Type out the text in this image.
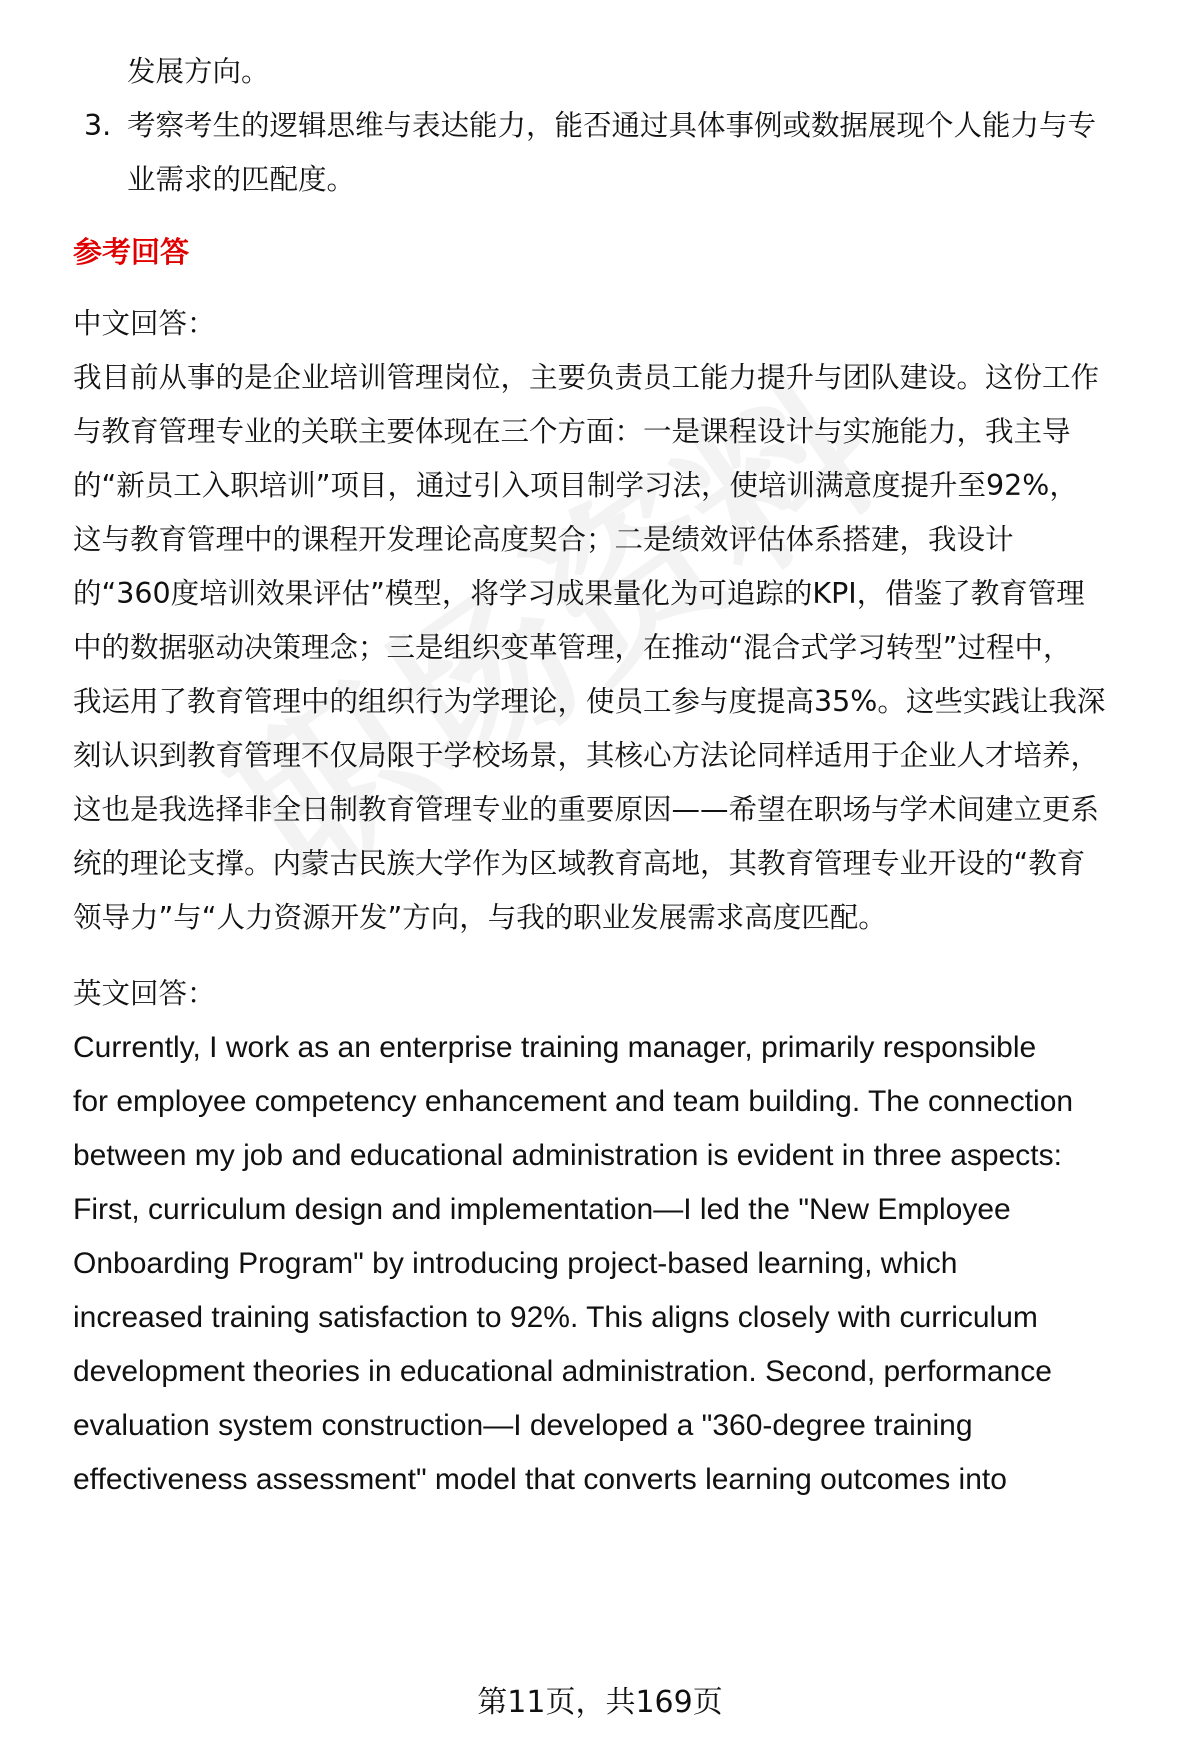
发展方向。
3. 考察考生的逻辑思维与表达能力，能否通过具体事例或数据展现个人能力与专
业需求的匹配度。
参考回答
中文回答：
我目前从事的是企业培训管理岗位，主要负责员工能力提升与团队建设。这份工作
与教育管理专业的关联主要体现在三个方面：一是课程设计与实施能力，我主导
的“新员工入职培训”项目，通过引入项目制学习法，使培训满意度提升至92%，
这与教育管理中的课程开发理论高度契合；二是绩效评估体系搭建，我设计
的“360度培训效果评估”模型，将学习成果量化为可追踪的KPI，借鉴了教育管理
中的数据驱动决策理念；三是组织变革管理，在推动“混合式学习转型”过程中，
我运用了教育管理中的组织行为学理论，使员工参与度提高35%。这些实践让我深
刻认识到教育管理不仅局限于学校场景，其核心方法论同样适用于企业人才培养，
这也是我选择非全日制教育管理专业的重要原因——希望在职场与学术间建立更系
统的理论支撑。内蒙古民族大学作为区域教育高地，其教育管理专业开设的“教育
领导力”与“人力资源开发”方向，与我的职业发展需求高度匹配。
英文回答：
Currently, I work as an enterprise training manager, primarily responsible
for employee competency enhancement and team building. The connection
between my job and educational administration is evident in three aspects:
First, curriculum design and implementation—I led the "New Employee
Onboarding Program" by introducing project-based learning, which
increased training satisfaction to 92%. This aligns closely with curriculum
development theories in educational administration. Second, performance
evaluation system construction—I developed a "360-degree training
effectiveness assessment" model that converts learning outcomes into
第11页，共169页
